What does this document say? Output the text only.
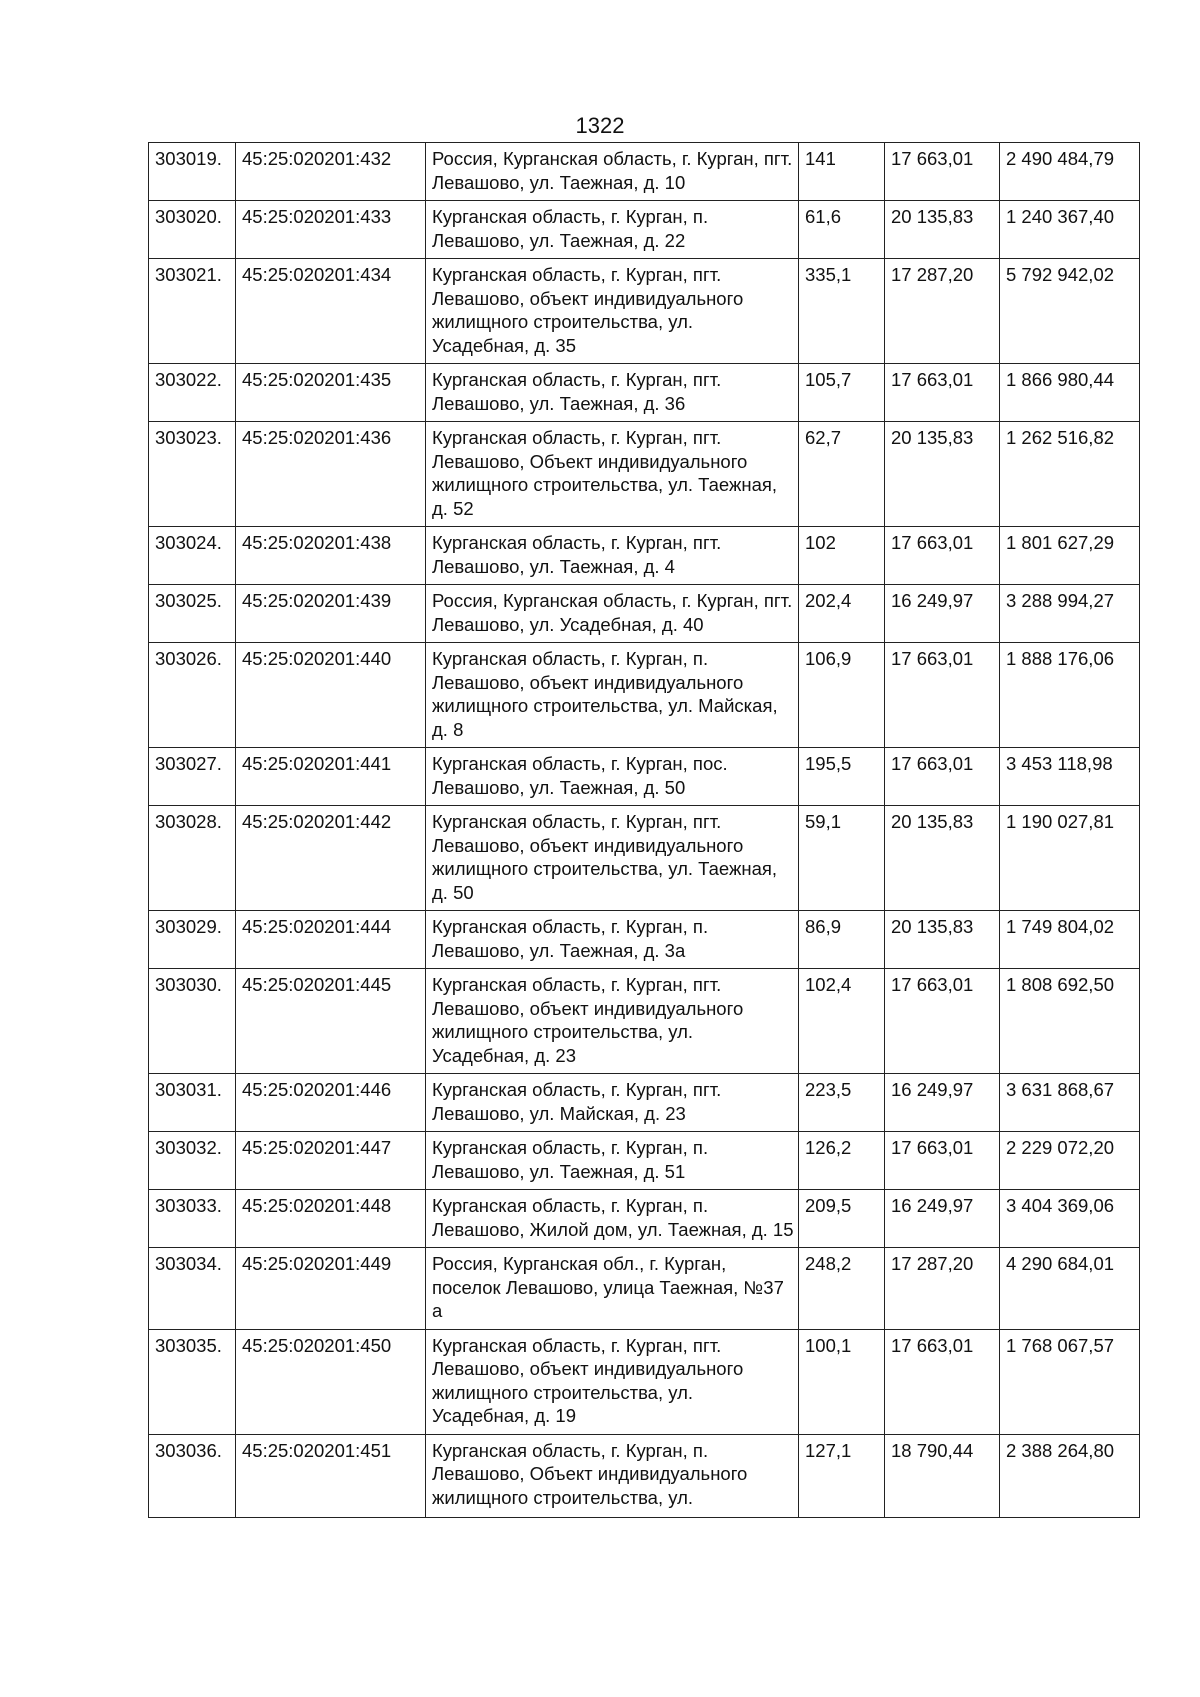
1322
303019.	45:25:020201:432	Россия, Курганская область, г. Курган, пгт. Левашово, ул. Таежная, д. 10	141	17 663,01	2 490 484,79
303020.	45:25:020201:433	Курганская область, г. Курган, п. Левашово, ул. Таежная, д. 22	61,6	20 135,83	1 240 367,40
303021.	45:25:020201:434	Курганская область, г. Курган, пгт. Левашово, объект индивидуального жилищного строительства, ул. Усадебная, д. 35	335,1	17 287,20	5 792 942,02
303022.	45:25:020201:435	Курганская область, г. Курган, пгт. Левашово, ул. Таежная, д. 36	105,7	17 663,01	1 866 980,44
303023.	45:25:020201:436	Курганская область, г. Курган, пгт. Левашово, Объект индивидуального жилищного строительства, ул. Таежная, д. 52	62,7	20 135,83	1 262 516,82
303024.	45:25:020201:438	Курганская область, г. Курган, пгт. Левашово, ул. Таежная, д. 4	102	17 663,01	1 801 627,29
303025.	45:25:020201:439	Россия, Курганская область, г. Курган, пгт. Левашово, ул. Усадебная, д. 40	202,4	16 249,97	3 288 994,27
303026.	45:25:020201:440	Курганская область, г. Курган, п. Левашово, объект индивидуального жилищного строительства, ул. Майская, д. 8	106,9	17 663,01	1 888 176,06
303027.	45:25:020201:441	Курганская область, г. Курган, пос. Левашово, ул. Таежная, д. 50	195,5	17 663,01	3 453 118,98
303028.	45:25:020201:442	Курганская область, г. Курган, пгт. Левашово, объект индивидуального жилищного строительства, ул. Таежная, д. 50	59,1	20 135,83	1 190 027,81
303029.	45:25:020201:444	Курганская область, г. Курган, п. Левашово, ул. Таежная, д. 3а	86,9	20 135,83	1 749 804,02
303030.	45:25:020201:445	Курганская область, г. Курган, пгт. Левашово, объект индивидуального жилищного строительства, ул. Усадебная, д. 23	102,4	17 663,01	1 808 692,50
303031.	45:25:020201:446	Курганская область, г. Курган, пгт. Левашово, ул. Майская, д. 23	223,5	16 249,97	3 631 868,67
303032.	45:25:020201:447	Курганская область, г. Курган, п. Левашово, ул. Таежная, д. 51	126,2	17 663,01	2 229 072,20
303033.	45:25:020201:448	Курганская область, г. Курган, п. Левашово, Жилой дом, ул. Таежная, д. 15	209,5	16 249,97	3 404 369,06
303034.	45:25:020201:449	Россия, Курганская обл., г. Курган, поселок Левашово, улица Таежная, №37 а	248,2	17 287,20	4 290 684,01
303035.	45:25:020201:450	Курганская область, г. Курган, пгт. Левашово, объект индивидуального жилищного строительства, ул. Усадебная, д. 19	100,1	17 663,01	1 768 067,57
303036.	45:25:020201:451	Курганская область, г. Курган, п. Левашово, Объект индивидуального жилищного строительства, ул.	127,1	18 790,44	2 388 264,80
